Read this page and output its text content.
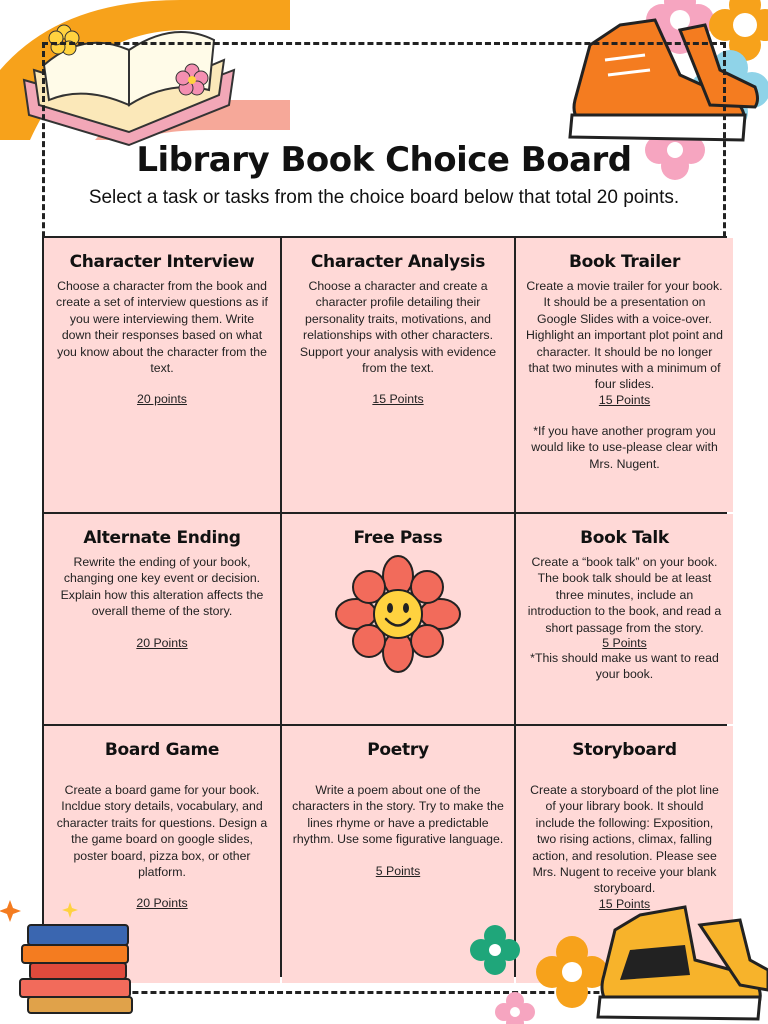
Library Book Choice Board
Select a task or tasks from the choice board below that total 20 points.
Character Interview
Choose a character from the book and create a set of interview questions as if you were interviewing them. Write down their responses based on what you know about the character from the text.
20 points
Character Analysis
Choose a character and create a character profile detailing their personality traits, motivations, and relationships with other characters. Support your analysis with evidence from the text.
15 Points
Book Trailer
Create a movie trailer for your book. It should be a presentation on Google Slides with a voice-over. Highlight an important plot point and character. It should be no longer that two minutes with a minimum of four slides.
15 Points
*If you have another program you would like to use-please clear with Mrs. Nugent.
Alternate Ending
Rewrite the ending of your book, changing one key event or decision. Explain how this alteration affects the overall theme of the story.
20 Points
Free Pass	Book Talk
Create a “book talk” on your book. The book talk should be at least three minutes, include an introduction to the book, and read a short passage from the story.
5 Points
*This should make us want to read your book.
Board Game
Create a board game for your book. Incldue story details, vocabulary, and character traits for questions. Design a the game board on google slides, poster board, pizza box, or other platform.
20 Points
Poetry
Write a poem about one of the characters in the story. Try to make the lines rhyme or have a predictable rhythm. Use some figurative language.
5 Points
Storyboard
Create a storyboard of the plot line of your library book. It should include the following: Exposition, two rising actions, climax, falling action, and resolution. Please see Mrs. Nugent to receive your blank storyboard.
15 Points
